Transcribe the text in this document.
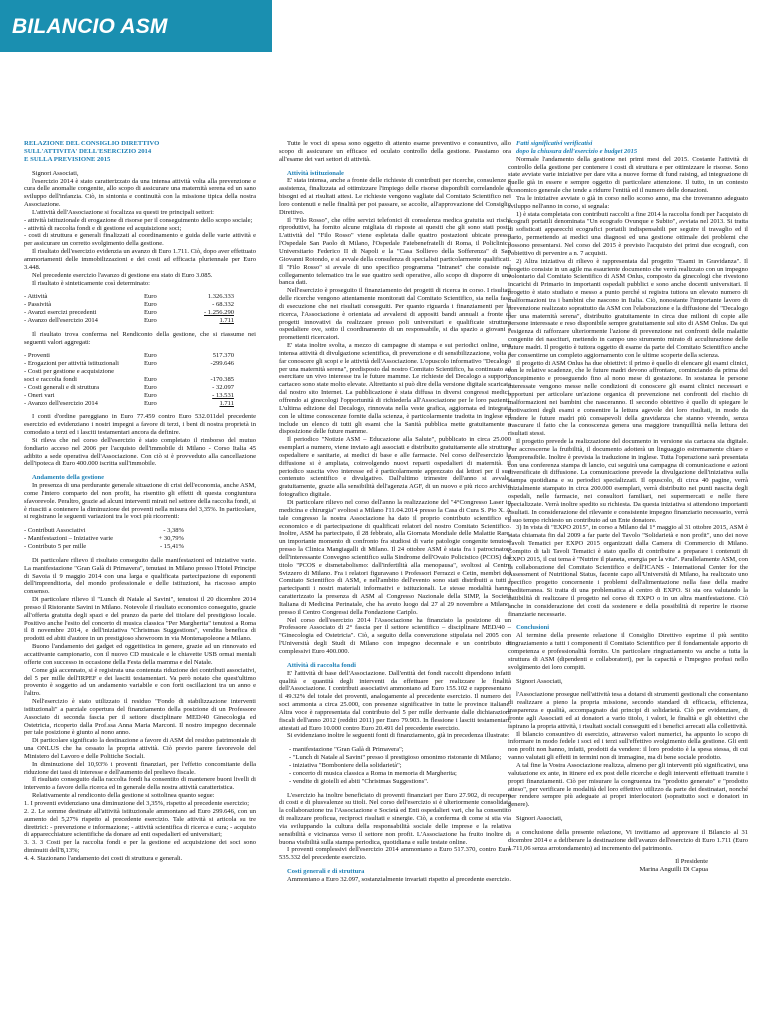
BILANCIO ASM
RELAZIONE DEL CONSIGLIO DIRETTIVO
SULL'ATTIVITA' DELL'ESERCIZIO 2014
E SULLA PREVISIONE 2015

Signori Associati,

l'esercizio 2014 è stato caratterizzato da una intensa attività volta alla prevenzione e cura delle anomalie congenite, allo scopo di assicurare una maternità serena ed un sano sviluppo dell'infanzia. Ciò, in sintonia e continuità con la missione tipica della nostra Associazione.

L'attività dell'Associazione si focalizza su questi tre principali settori:

- attività istituzionale di erogazione di risorse per il conseguimento dello scopo sociale;

- attività di raccolta fondi e di gestione ed acquisizione soci;

- costi di struttura e generali finalizzati al coordinamento e guida delle varie attività e per assicurare un corretto svolgimento della gestione.

Il risultato dell'esercizio evidenzia un avanzo di Euro 1.711. Ciò, dopo aver effettuato ammortamenti delle immobilizzazioni e dei costi ad efficacia pluriennale per Euro 3.448.

Nel precedente esercizio l'avanzo di gestione era stato di Euro 3.085.

Il risultato è sinteticamente così determinato:

- Attività	Euro	1.326.333
- Passività	Euro	- 68.332
- Avanzi esercizi precedenti	Euro	- 1.256.290
- Avanzo dell'esercizio 2014	Euro	1.711

Il risultato trova conferma nel Rendiconto della gestione, che si riassume nei seguenti valori aggregati:

- Proventi	Euro	517.370
- Erogazioni per attività istituzionali	Euro	-299.646
- Costi per gestione e acquisizione		
soci e raccolta fondi	Euro	-170.385
- Costi generali e di struttura	Euro	- 32.097
- Oneri vari	Euro	- 13.531
- Avanzo dell'esercizio 2014	Euro	1.711

I conti d'ordine pareggiano in Euro 77.459 contro Euro 532.011del precedente esercizio ed evidenziano i nostri impegni a favore di terzi, i beni di nostra proprietà in comodato a terzi ed i lasciti testamentari ancora da definire.

Si rileva che nel corso dell'esercizio è stato completato il rimborso del mutuo fondiario acceso nel 2006 per l'acquisto dell'immobile di Milano - Corso Italia 45 adibito a sede operativa dell'Associazione. Con ciò si è provveduto alla cancellazione dell'ipoteca di Euro 400.000 iscritta sull'immobile.

Andamento della gestione

In presenza di una perdurante generale situazione di crisi dell'economia, anche ASM, come l'intero comparto del non profit, ha risentito gli effetti di questa congiuntura sfavorevole. Peraltro, grazie ad alcuni interventi mirati nel settore della raccolta fondi, si è riusciti a contenere la diminuzione dei proventi nella misura del 3,35%. In particolare, si registrano le seguenti variazioni tra le voci più ricorrenti:

- Contributi Associativi	- 3,38%
- Manifestazioni – Iniziative varie	+ 30,79%
- Contributo 5 per mille	- 15,41%

Di particolare rilievo il risultato conseguito dalle manifestazioni ed iniziative varie. La manifestazione "Gran Galà di Primavera", tenutasi in Milano presso l'Hotel Principe di Savoia il 9 maggio 2014 con una larga e qualificata partecipazione di esponenti dell'imprenditoria, del mondo professionale e delle istituzioni, ha riscosso ampio consenso.

Di particolare rilievo il "Lunch di Natale al Savini", tenutosi il 20 dicembre 2014 presso il Ristorante Savini in Milano. Notevole il risultato economico conseguito, grazie all'offerta gratuita degli spazi e del pranzo da parte del titolare del prestigioso locale. Positivo anche l'esito del concerto di musica classica "Per Margherita" tenutosi a Roma il 8 novembre 2014, e dell'iniziativa "Christmas Suggestions", vendita benefica di prodotti ed abiti d'autore in un prestigioso showroom in via Montenapoleone a Milano.

Buono l'andamento dei gadget ed oggettistica in genere, grazie ad un rinnovato ed accattivante campionario, con il nuovo CD musicale e le chiavette USB ormai mentali offerte con successo in occasione della Festa della mamma e del Natale.

Come già accennato, si è registrata una contenuta riduzione dei contributi associativi, del 5 per mille dell'IRPEF e dei lasciti testamentari. Va però notato che quest'ultimo provento è soggetto ad un andamento variabile e con forti oscillazioni tra un anno e l'altro.

Nell'esercizio è stato utilizzato il residuo "Fondo di stabilizzazione interventi istituzionali" a parziale copertura del finanziamento della posizione di un Professore Associato di seconda fascia per il settore disciplinare MED/40 Ginecologia ed Ostetricia, ricoperto dalla Prof.ssa Anna Maria Marconi. Il nostro impegno decennale per tale posizione è giunto al nono anno.

Di particolare significato la destinazione a favore di ASM del residuo patrimoniale di una ONLUS che ha cessato la propria attività. Ciò previo parere favorevole del Ministero del Lavoro e delle Politiche Sociali.

In diminuzione del 10,93% i proventi finanziari, per l'effetto concomitante della riduzione dei tassi di interesse e dell'aumento del prelievo fiscale.

Il risultato conseguito dalla raccolta fondi ha consentito di mantenere buoni livelli di intervento a favore della ricerca ed in generale della nostra attività caratteristica.

Relativamente al rendiconto della gestione si sottolinea quanto segue:

1. I proventi evidenziano una diminuzione del 3,35%, rispetto al precedente esercizio;

2. 2. Le somme destinate all'attività istituzionale ammontano ad Euro 299.646, con un aumento del 5,27% rispetto al precedente esercizio. Tale attività si articola su tre direttrici: - prevenzione e informazione; - attività scientifica di ricerca e cura; - acquisto di apparecchiature scientifiche da donare ad enti ospedalieri ed universitari;

3. 3. 3 Costi per la raccolta fondi e per la gestione ed acquisizione dei soci sono diminuiti dell'8,13%;

4. 4. Stazionano l'andamento dei costi di struttura e generali.

Tutte le voci di spesa sono oggetto di attento esame preventivo e consuntivo, allo scopo di assicurare un efficace ed oculato controllo della gestione. Passiamo ora all'esame dei vari settori di attività.

Attività istituzionale

E' stata intensa, anche a fronte delle richieste di contributi per ricerche, consulenze e assistenza, finalizzata ad ottimizzare l'impiego delle risorse disponibili correlandole ai bisogni ed ai risultati attesi. Le richieste vengono vagliate dal Comitato Scientifico nei loro contenuti e nelle finalità per poi passare, se accolte, all'approvazione del Consiglio Direttivo.

Il "Filo Rosso", che offre servizi telefonici di consulenza medica gratuita sui rischi riproduttivi, ha fornito alcune migliaia di risposte ai quesiti che gli sono stati posti. L'attività del "Filo Rosso" viene espletata dalle quattro postazioni ubicate presso l'Ospedale San Paolo di Milano, l'Ospedale Fatebenefratelli di Roma, il Policlinico Universitario Federico II di Napoli e la "Casa Sollievo della Sofferenza" di San Giovanni Rotondo, e si avvale della consulenza di specialisti particolarmente qualificati. Il "Filo Rosso" si avvale di uno specifico programma "Intranet" che consiste nel collegamento telematico tra le sue quattro sedi operative, allo scopo di disporre di una banca dati.

Nell'esercizio è proseguito il finanziamento dei progetti di ricerca in corso. I risultati delle ricerche vengono attentamente monitorati dal Comitato Scientifico, sia nella fase di esecuzione che nei risultati conseguiti. Per quanto riguarda i finanziamenti per la ricerca, l'Associazione è orientata ad avvalersi di appositi bandi annuali a fronte di progetti innovativi da realizzare presso poli universitari e qualificate strutture ospedaliere ove, sotto il coordinamento di un responsabile, si dia spazio a giovani e promettenti ricercatori.

E' stata inoltre svolta, a mezzo di campagne di stampa e sui periodici online, una intensa attività di divulgazione scientifica, di prevenzione e di sensibilizzazione, volta a far conoscere gli scopi e le attività dell'Associazione. L'opuscolo informativo "Decalogo per una maternità serena", predisposto dal nostro Comitato Scientifico, ha continuato ad esercitare un vivo interesse tra le future mamme. Le richieste del Decalogo a supporto cartaceo sono state molto elevate. Altrettanto si può dire della versione digitale scaricata dal nostro sito Internet. La pubblicazione è stata diffusa in diversi congressi medici, offrendo ai ginecologi l'opportunità di richiederla all'Associazione per le loro pazienti. L'ultima edizione del Decalogo, rinnovata nella veste grafica, aggiornata ed integrata con le ultime conoscenze fornite dalla scienza, è particolarmente tradotta in inglese ed include un elenco di tutti gli esami che la Sanità pubblica mette gratuitamente a disposizione delle future mamme.

Il periodico "Notizie ASM – Educazione alla Salute", pubblicato in circa 25.000 esemplari a numero, viene inviato agli associati e distribuito gratuitamente alle strutture ospedaliere e sanitarie, ai medici di base e alle farmacie. Nel corso dell'esercizio la diffusione si è ampliata, coinvolgendo nuovi reparti ospedalieri di maternità. Il periodico suscita vivo interesse ed è particolarmente apprezzato dai lettori per il suo contenuto scientifico e divulgativo. Dall'ultimo trimestre dell'anno si avvale, gratuitamente, grazie alla sensibilità dell'agenzia AGF, di un nuovo e più ricco archivio fotografico digitale.

Di particolare rilievo nel corso dell'anno la realizzazione del "4°Congresso Laser in medicina e chirurgia" svoltosi a Milano l'11.04.2014 presso la Casa di Cura S. Pio X. A tale congresso la nostra Associazione ha dato il proprio contributo scientifico ed economico e di partecipazione di qualificati relatori del nostro Comitato Scientifico. Inoltre, ASM ha partecipato, il 28 febbraio, alla Giornata Mondiale delle Malattie Rare, un importante momento di confronto fra studiosi di varie patologie congenite tenutosi presso la Clinica Mangiagalli di Milano. Il 24 ottobre ASM è stata fra i patrocinatori dell'interessante Convegno scientifico sulla Sindrome dell'Ovaio Policistico (PCOS) dal titolo "PCOS e dismetabolismo: dall'infertilità alla menopausa", svoltosi al Centro Svizzero di Milano. Fra i relatori figuravano i Professori Ferrazzi e Cetin, membri del Comitato Scientifico di ASM, e nell'ambito dell'evento sono stati distribuiti a tutti i partecipanti i nostri materiali informativi e istituzionali. Le stesse modalità hanno caratterizzato la presenza di ASM al Congresso Nazionale della SIMP, la Società Italiana di Medicina Perinatale, che ha avuto luogo dal 27 al 29 novembre a Milano, presso il Centro Congressi della Fondazione Cariplo.

Nel corso dell'esercizio 2014 l'Associazione ha finanziato la posizione di un Professore Associato di 2° fascia per il settore scientifico – disciplinare MED/40 – "Ginecologia ed Ostetricia". Ciò, a seguito della convenzione stipulata nel 2005 con l'Università degli Studi di Milano con impegno decennale e un contributo di complessivi Euro 400.000.

Attività di raccolta fondi

E' l'attività di base dell'Associazione. Dall'entità dei fondi raccolti dipendono infatti qualità e quantità degli interventi da effettuare per realizzare le finalità dell'Associazione. I contributi associativi ammontano ad Euro 155.102 e rappresentano il 49.32% del totale dei proventi, analogamente al precedente esercizio. Il numero dei soci ammonta a circa 25.000, con presenze significative in tutte le province italiane. Altra voce è rappresentata dal contributo del 5 per mille derivante dalle dichiarazioni fiscali dell'anno 2012 (redditi 2011) per Euro 79.903. In flessione i lasciti testamentari, attestati ad Euro 10.000 contro Euro 20.491 del precedente esercizio.

Si evidenziano inoltre le seguenti fonti di finanziamento, già in precedenza illustrate:

- manifestazione "Gran Galà di Primavera";
- "Lunch di Natale al Savini" presso il prestigioso omonimo ristorante di Milano;
- iniziativa "Bomboniere della solidarietà";
- concerto di musica classica a Roma in memoria di Margherita;
- vendite di gioielli ed abiti "Christmas Suggestions".

L'esercizio ha inoltre beneficiato di proventi finanziari per Euro 27.902, di recupero di costi e di plusvalenze su titoli. Nel corso dell'esercizio si è ulteriormente consolidata la collaborazione tra l'Associazione e Società ed Enti ospedalieri vari, che ha consentito di realizzare proficua, reciproci risultati e sinergie. Ciò, a conferma di come si stia via via sviluppando la cultura della responsabilità sociale delle imprese e la relativa sensibilità e vicinanza verso il settore non profit. L'Associazione ha fruito inoltre di buona visibilità sulla stampa periodica, quotidiana e sulle testate online.

I proventi complessivi dell'esercizio 2014 ammontano a Euro 517.370, contro Euro 535.332 del precedente esercizio.

Costi generali e di struttura

Ammontano a Euro 32.097, sostanzialmente invariati rispetto al precedente esercizio.

Fatti significativi verificatisi

dopo la chiusura dell'esercizio e budget 2015

Normale l'andamento della gestione nei primi mesi del 2015. Costante l'attività di controllo della gestione per contenere i costi di struttura e per ottimizzare le risorse. Sono state avviate varie iniziative per dare vita a nuove forme di fund raising, ad integrazione di quelle già in essere e sempre oggetto di particolare attenzione. Il tutto, in un contesto economico generale che tende a ridurre l'entità ed il numero delle donazioni.

Tra le iniziative avviate o già in corso nello scorso anno, ma che troveranno adeguato sviluppo nell'anno in corso, si segnala:

1) è stata completata con contributi raccolti a fine 2014 la raccolta fondi per l'acquisto di ecografi portatili denominata "Un ecografo Ovunque e Subito", avviata nel 2013. Si tratta di sofisticati apparecchi ecografici portatili indispensabili per seguire il travaglio ed il parto, permettendo ai medici una diagnosi ed una gestione ottimale dei problemi che possono presentarsi. Nel corso del 2015 è previsto l'acquisto dei primi due ecografi, con l'obiettivo di pervenire a n. 7 acquisti.

2) Altra iniziativa di rilievo è rappresentata dal progetto "Esami in Gravidanza". Il progetto consiste in un agile ma esauriente documento che verrà realizzato con un impegno volontario dal Comitato Scientifico di ASM Onlus, composto da ginecologi che rivestono incarichi di Primario in importanti ospedali pubblici e sono anche docenti universitari. Il progetto è stato studiato e messo a punto perché si registra tuttora un elevato numero di malformazioni tra i bambini che nascono in Italia. Ciò, nonostante l'importante lavoro di prevenzione realizzato soprattutto da ASM con l'elaborazione e la diffusione del "Decalogo per una maternità serena", distribuito gratuitamente in circa due milioni di copie alle persone interessate e reso disponibile sempre gratuitamente sul sito di ASM Onlus. Da qui l'esigenza di rafforzare ulteriormente l'azione di prevenzione nei confronti delle malattie congenite dei nascituri, mettendo in campo uno strumento mirato di acculturazione delle future madri. Il progetto è tuttora oggetto di esame da parte del Comitato Scientifico anche per consentirne un completo aggiornamento con le ultime scoperte della scienza.

Il progetto di ASM Onlus ha due obiettivi: il primo è quello di elencare gli esami clinici, con le relative scadenze, che le future madri devono affrontare, cominciando da prima del concepimento e proseguendo fino al nono mese di gestazione. In sostanza le persone interessate vengono messe nelle condizioni di conoscere gli esami clinici necessari e opportuni per articolare un'azione organica di prevenzione nei confronti del rischio di malformazioni nei bambini che nasceranno. Il secondo obiettivo è quello di spiegare le motivazioni degli esami e consentire la lettura agevole dei loro risultati, in modo da rendere le future madri più consapevoli della gravidanza che stanno vivendo, senza trascurare il fatto che la conoscenza genera una maggiore tranquillità nella lettura dei risultati stessi.

Il progetto prevede la realizzazione del documento in versione sia cartacea sia digitale. Per accrescerne la fruibilità, il documento adotterà un linguaggio estremamente chiaro e comprensibile. Inoltre è prevista la traduzione in inglese. Tutta l'operazione sarà presentata con una conferenza stampa di lancio, cui seguirà una campagna di comunicazione e azioni diversificate di diffusione. La comunicazione prevede la divulgazione dell'iniziativa sulla stampa quotidiana e su periodici specializzati. Il opuscolo, di circa 40 pagine, verrà inizialmente stampato in circa 200.000 esemplari, verrà distribuito nei punti nascita degli ospedali, nelle farmacie, nei consultori familiari, nei supermercati e nelle fiere specializzate. Verrà inoltre spedito su richiesta. Da questa iniziativa si attendono importanti risultati. In considerazione del rilevante e consistente impegno finanziario necessario, verrà a suo tempo richiesto un contributo ad un Ente donatore.

3) In vista di "EXPO 2015", in corso a Milano dal 1° maggio al 31 ottobre 2015, ASM è stata chiamata fin dal 2009 a far parte del Tavolo "Solidarietà e non profit", uno dei nove Tavoli Tematici per EXPO 2015 organizzati dalla Camera di Commercio di Milano. Compito di tali Tavoli Tematici è stato quello di contribuire a preparare i contenuti di EXPO 2015, il cui tema è "Nutrire il pianeta, energia per la vita". Parallelamente ASM, con la collaborazione del Comitato Scientifico e dell'ICANS - International Center for the Assessment of Nutritional Status, facente capo all'Università di Milano, ha realizzato uno specifico progetto concernente i problemi dell'alimentazione nella fase della madre mediterranea. Si tratta di una problematica al centro di EXPO. Si sta ora valutando la fattibilità di realizzare il progetto nel corso di EXPO o in un altra manifestazione. Ciò anche in considerazione dei costi da sostenere e della possibilità di reperire le risorse finanziarie necessarie.

Conclusioni

Al termine della presente relazione il Consiglio Direttivo esprime il più sentito ringraziamento a tutti i componenti il Comitato Scientifico per il fondamentale apporto di competenza e professionalità fornito. Un particolare ringraziamento va anche a tutta la struttura di ASM (dipendenti e collaboratori), per la capacità e l'impegno profusi nello svolgimento dei loro compiti.

Signori Associati,

l'Associazione prosegue nell'attività tesa a dotarsi di strumenti gestionali che consentano di realizzare a pieno la propria missione, secondo standard di efficacia, efficienza, trasparenza e qualità, accompagnato dai principi di solidarietà. Ciò per evidenziare, di fronte agli Associati ed ai donatori a vario titolo, i valori, le finalità e gli obiettivi che ispirano la propria attività, i risultati sociali conseguiti ed i benefici arrecati alla collettività.

Il bilancio consuntivo di esercizio, attraverso valori numerici, ha appunto lo scopo di informare in modo fedele i soci ed i terzi sull'effettivo svolgimento della gestione. Gli enti non profit non hanno, infatti, prodotti da vendere: il loro prodotto è la spesa stessa, di cui vanno valutati gli effetti in termini non di immagine, ma di bene sociale prodotto.

A tal fine la Vostra Associazione realizza, almeno per gli interventi più significativi, una valutazione ex ante, in itinere ed ex post delle ricerche e degli interventi effettuati tramite i propri finanziamenti. Ciò per misurare la congruenza tra "prodotto generato" e "prodotto atteso", per verificare le modalità del loro effettivo utilizzo da parte dei destinatari, nonché per rendere sempre più adeguate ai propri interlocutori (soprattutto soci e donatori in genere).

Signori Associati,

a conclusione della presente relazione, Vi invitiamo ad approvare il Bilancio al 31 dicembre 2014 e a deliberare la destinazione dell'avanzo dell'esercizio di Euro 1.711 (Euro 1.711,06 senza arrotondamento) ad incremento del patrimonio.

Il Presidente

Marina Anguilli Di Capua
